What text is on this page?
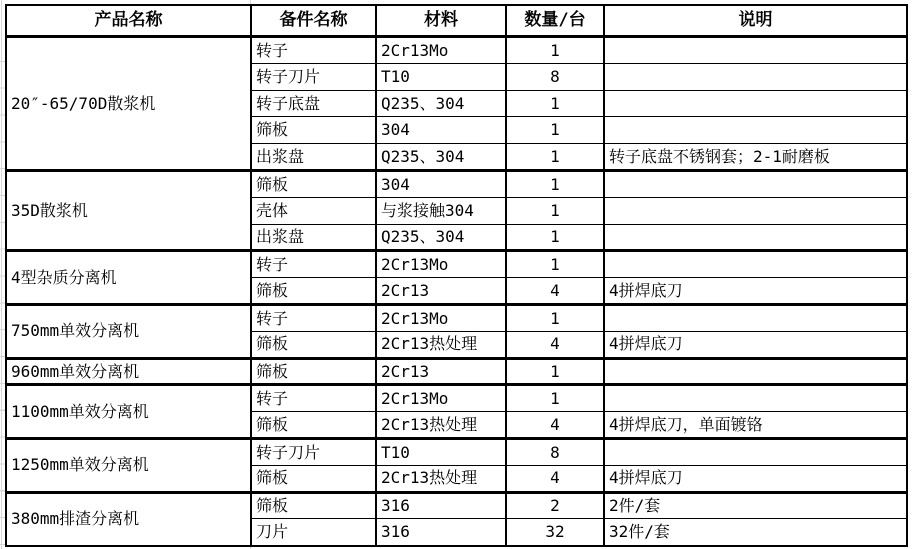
产品名称	备件名称	材料	数量/台	说明
20″-65/70D散浆机	转子	2Cr13Mo	1	
	转子刀片	T10	8	
	转子底盘	Q235、304	1	
	筛板	304	1	
	出浆盘	Q235、304	1	转子底盘不锈钢套；2-1耐磨板
35D散浆机	筛板	304	1	
	壳体	与浆接触304	1	
	出浆盘	Q235、304	1	
4型杂质分离机	转子	2Cr13Mo	1	
	筛板	2Cr13	4	4拼焊底刀
750mm单效分离机	转子	2Cr13Mo	1	
	筛板	2Cr13热处理	4	4拼焊底刀
960mm单效分离机	筛板	2Cr13	1	
1100mm单效分离机	转子	2Cr13Mo	1	
	筛板	2Cr13热处理	4	4拼焊底刀，单面镀铬
1250mm单效分离机	转子刀片	T10	8	
	筛板	2Cr13热处理	4	4拼焊底刀
380mm排渣分离机	筛板	316	2	2件/套
	刀片	316	32	32件/套
